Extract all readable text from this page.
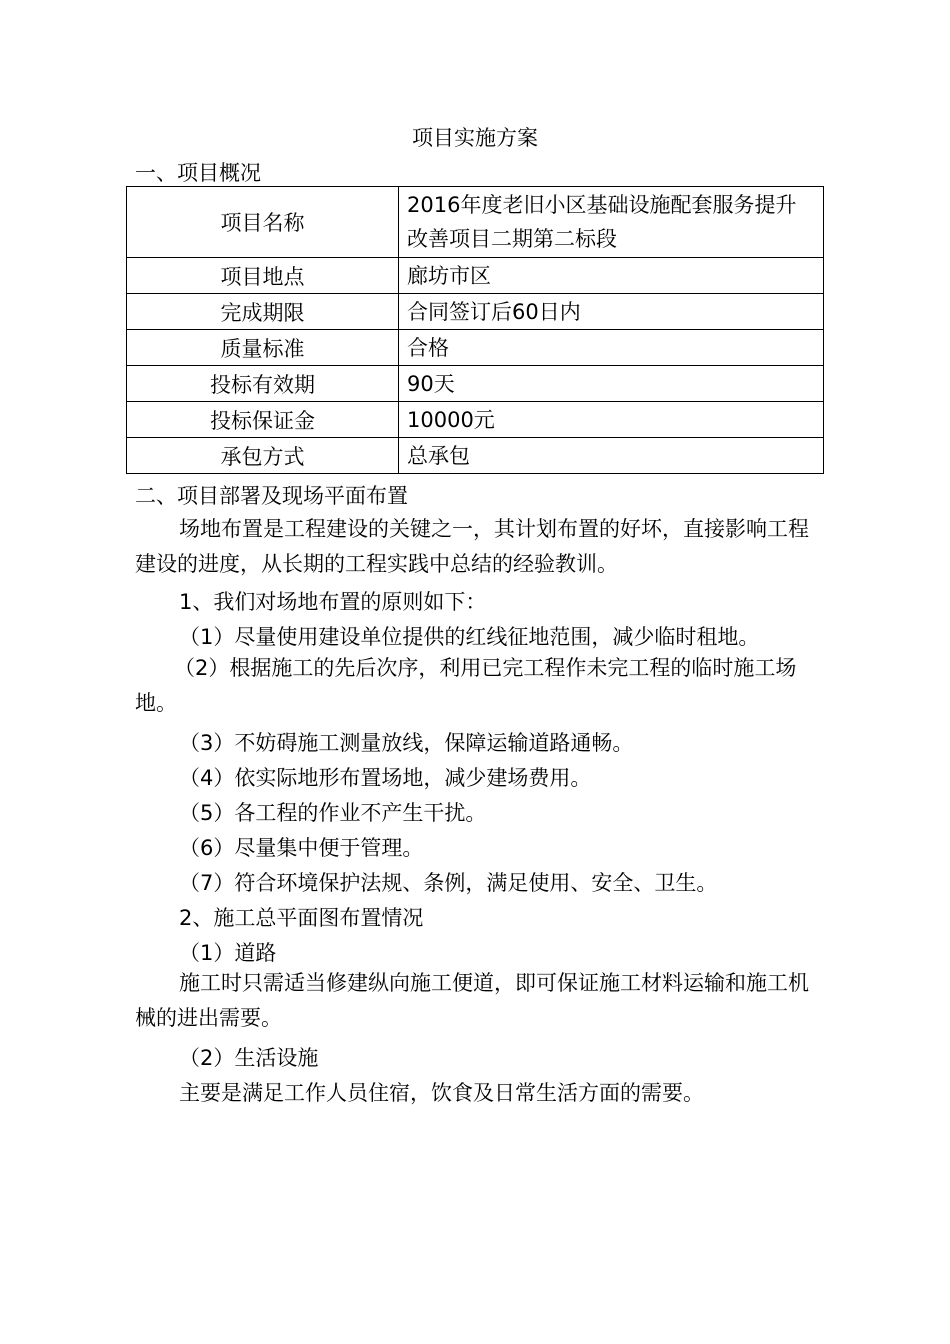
项目实施方案
一、项目概况
项目名称	2016年度老旧小区基础设施配套服务提升改善项目二期第二标段
项目地点	廊坊市区
完成期限	合同签订后60日内
质量标准	合格
投标有效期	90天
投标保证金	10000元
承包方式	总承包
二、项目部署及现场平面布置

场地布置是工程建设的关键之一，其计划布置的好坏，直接影响工程建设的进度，从长期的工程实践中总结的经验教训。

1、我们对场地布置的原则如下：
（1）尽量使用建设单位提供的红线征地范围，减少临时租地。

（2）根据施工的先后次序，利用已完工程作未完工程的临时施工场地。

（3）不妨碍施工测量放线，保障运输道路通畅。
（4）依实际地形布置场地，减少建场费用。
（5）各工程的作业不产生干扰。
（6）尽量集中便于管理。
（7）符合环境保护法规、条例，满足使用、安全、卫生。
2、施工总平面图布置情况
（1）道路

施工时只需适当修建纵向施工便道，即可保证施工材料运输和施工机械的进出需要。

（2）生活设施
主要是满足工作人员住宿，饮食及日常生活方面的需要。
